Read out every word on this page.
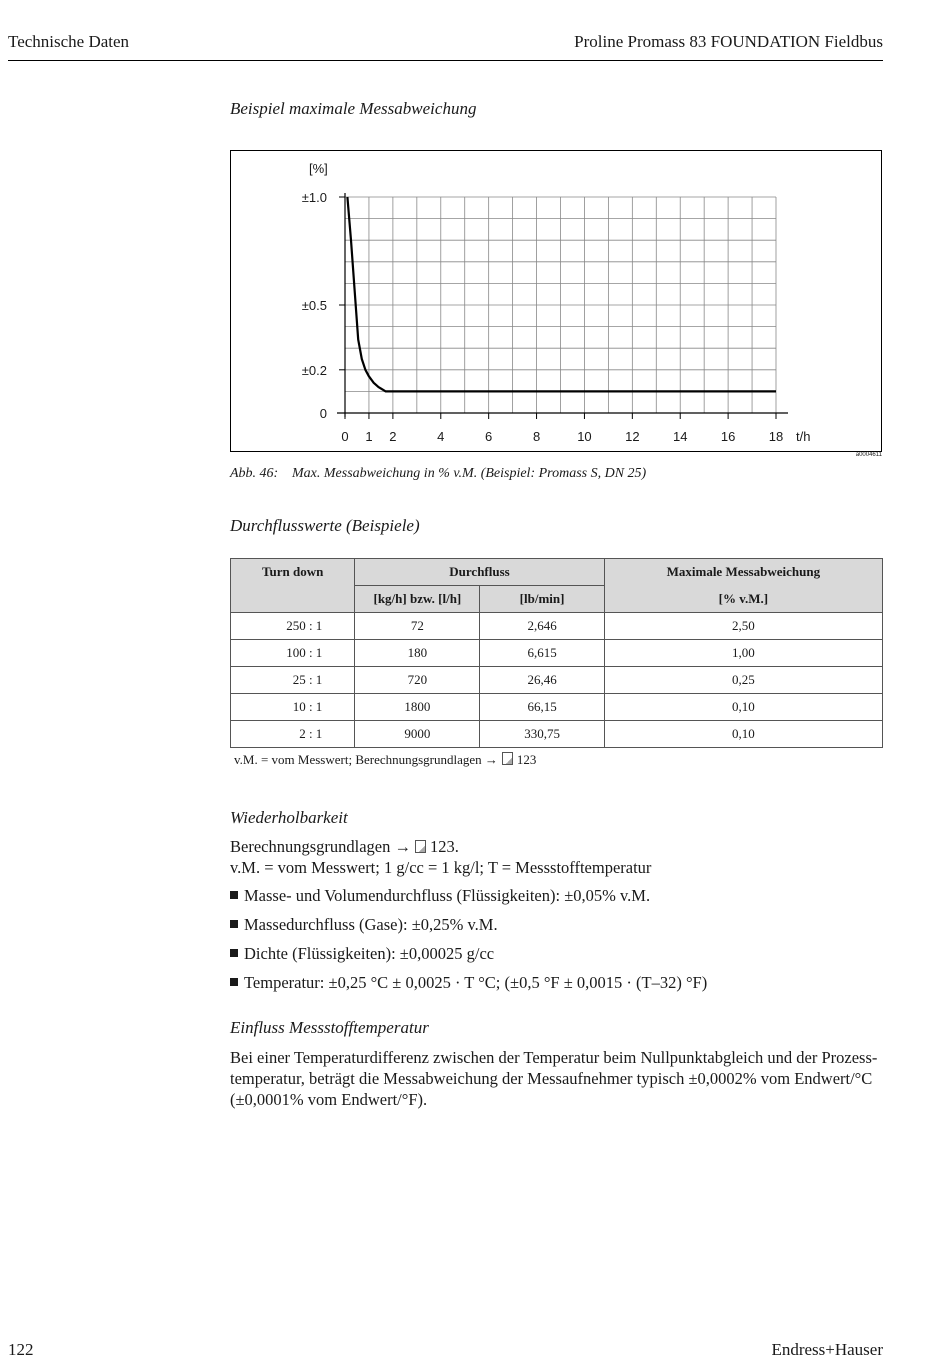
Technische Daten	Proline Promass 83 FOUNDATION Fieldbus
Beispiel maximale Messabweichung
±1.0
±0.5
±0.2
0
[%]
0 1 2	4	6	8	10	12	14	16	18 t/h
a0004611
Abb. 46: Max. Messabweichung in % v.M. (Beispiel: Promass S, DN 25)
Durchflusswerte (Beispiele)
Turn down	Durchfluss		Maximale Messabweichung
	[kg/h] bzw. [l/h]	[lb/min]	[% v.M.]
250 : 1	72	2,646	2,50
100 : 1	180	6,615	1,00
25 : 1	720	26,46	0,25
10 : 1	1800	66,15	0,10
2 : 1	9000	330,75	0,10
v.M. = vom Messwert; Berechnungsgrundlagen → 123
Wiederholbarkeit
Berechnungsgrundlagen → 123.
v.M. = vom Messwert; 1 g/cc = 1 kg/l; T = Messstofftemperatur
Masse- und Volumendurchfluss (Flüssigkeiten): ±0,05% v.M.
Massedurchfluss (Gase): ±0,25% v.M.
Dichte (Flüssigkeiten): ±0,00025 g/cc
Temperatur: ±0,25 °C ± 0,0025 · T °C; (±0,5 °F ± 0,0015 · (T–32) °F)
Einfluss Messstofftemperatur
Bei einer Temperaturdifferenz zwischen der Temperatur beim Nullpunktabgleich und der Prozess-
temperatur, beträgt die Messabweichung der Messaufnehmer typisch ±0,0002% vom Endwert/°C
(±0,0001% vom Endwert/°F).
122	Endress+Hauser
